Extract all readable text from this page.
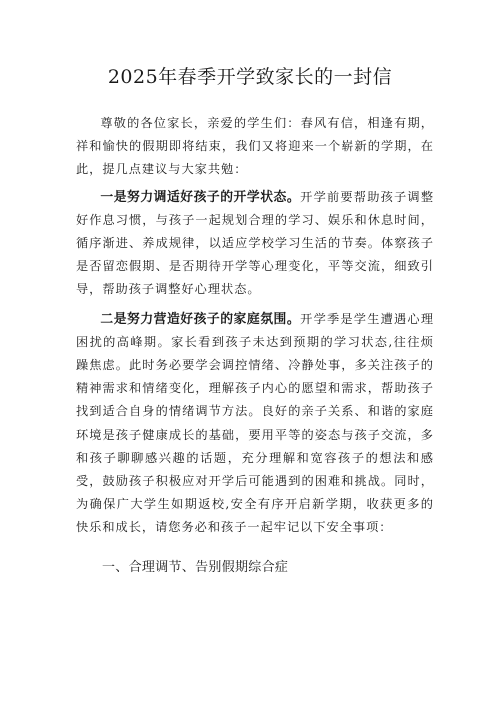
2025年春季开学致家长的一封信

尊敬的各位家长，亲爱的学生们：春风有信，相逢有期，祥和愉快的假期即将结束，我们又将迎来一个崭新的学期，在此，提几点建议与大家共勉：

一是努力调适好孩子的开学状态。开学前要帮助孩子调整好作息习惯，与孩子一起规划合理的学习、娱乐和休息时间，循序渐进、养成规律，以适应学校学习生活的节奏。体察孩子是否留恋假期、是否期待开学等心理变化，平等交流，细致引导，帮助孩子调整好心理状态。

二是努力营造好孩子的家庭氛围。开学季是学生遭遇心理困扰的高峰期。家长看到孩子未达到预期的学习状态,往往烦躁焦虑。此时务必要学会调控情绪、冷静处事，多关注孩子的精神需求和情绪变化，理解孩子内心的愿望和需求，帮助孩子找到适合自身的情绪调节方法。良好的亲子关系、和谐的家庭环境是孩子健康成长的基础，要用平等的姿态与孩子交流，多和孩子聊聊感兴趣的话题，充分理解和宽容孩子的想法和感受，鼓励孩子积极应对开学后可能遇到的困难和挑战。同时，为确保广大学生如期返校,安全有序开启新学期，收获更多的快乐和成长，请您务必和孩子一起牢记以下安全事项：

一、合理调节、告别假期综合症
